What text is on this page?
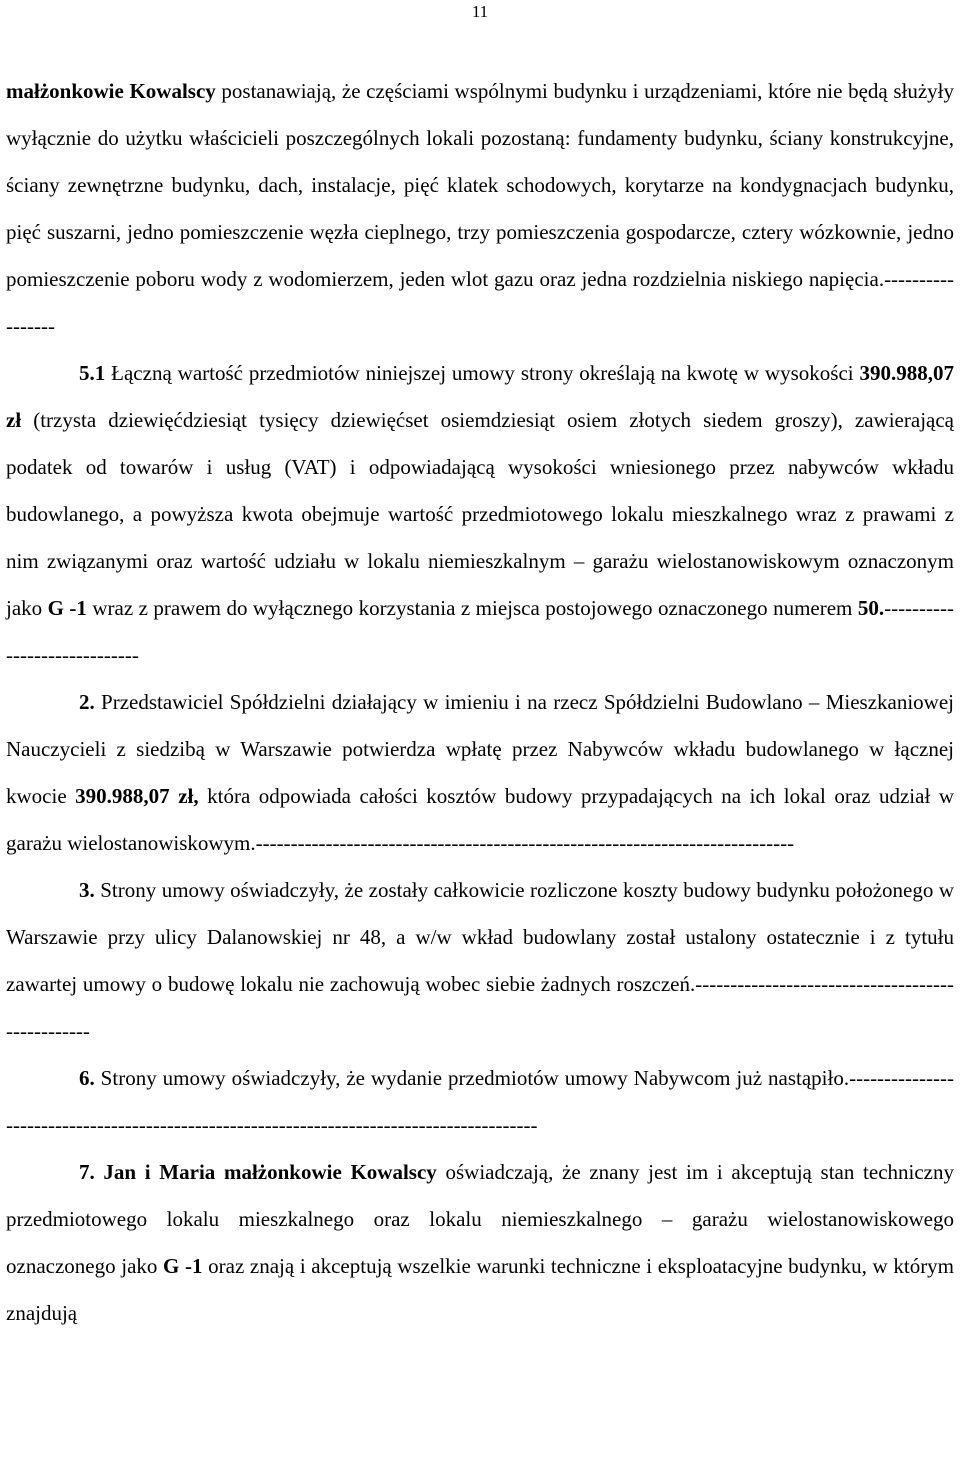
11

małżonkowie Kowalscy postanawiają, że częściami wspólnymi budynku i urządzeniami, które nie będą służyły wyłącznie do użytku właścicieli poszczególnych lokali pozostaną: fundamenty budynku, ściany konstrukcyjne, ściany zewnętrzne budynku, dach, instalacje, pięć klatek schodowych, korytarze na kondygnacjach budynku, pięć suszarni, jedno pomieszczenie węzła cieplnego, trzy pomieszczenia gospodarcze, cztery wózkownie, jedno pomieszczenie poboru wody z wodomierzem, jeden wlot gazu oraz jedna rozdzielnia niskiego napięcia.-----------------

5.1 Łączną wartość przedmiotów niniejszej umowy strony określają na kwotę w wysokości 390.988,07 zł (trzysta dziewięćdziesiąt tysięcy dziewięćset osiemdziesiąt osiem złotych siedem groszy), zawierającą podatek od towarów i usług (VAT) i odpowiadającą wysokości wniesionego przez nabywców wkładu budowlanego, a powyższa kwota obejmuje wartość przedmiotowego lokalu mieszkalnego wraz z prawami z nim związanymi oraz wartość udziału w lokalu niemieszkalnym – garażu wielostanowiskowym oznaczonym jako G -1 wraz z prawem do wyłącznego korzystania z miejsca postojowego oznaczonego numerem 50.-----------------------------

2. Przedstawiciel Spółdzielni działający w imieniu i na rzecz Spółdzielni Budowlano – Mieszkaniowej Nauczycieli z siedzibą w Warszawie potwierdza wpłatę przez Nabywców wkładu budowlanego w łącznej kwocie 390.988,07 zł, która odpowiada całości kosztów budowy przypadających na ich lokal oraz udział w garażu wielostanowiskowym.-----------------------------------------------------------------------------

3. Strony umowy oświadczyły, że zostały całkowicie rozliczone koszty budowy budynku położonego w Warszawie przy ulicy Dalanowskiej nr 48, a w/w wkład budowlany został ustalony ostatecznie i z tytułu zawartej umowy o budowę lokalu nie zachowują wobec siebie żadnych roszczeń.-------------------------------------------------

6. Strony umowy oświadczyły, że wydanie przedmiotów umowy Nabywcom już nastąpiło.-------------------------------------------------------------------------------------------

7. Jan i Maria małżonkowie Kowalscy oświadczają, że znany jest im i akceptują stan techniczny przedmiotowego lokalu mieszkalnego oraz lokalu niemieszkalnego – garażu wielostanowiskowego oznaczonego jako G -1 oraz znają i akceptują wszelkie warunki techniczne i eksploatacyjne budynku, w którym znajdują
